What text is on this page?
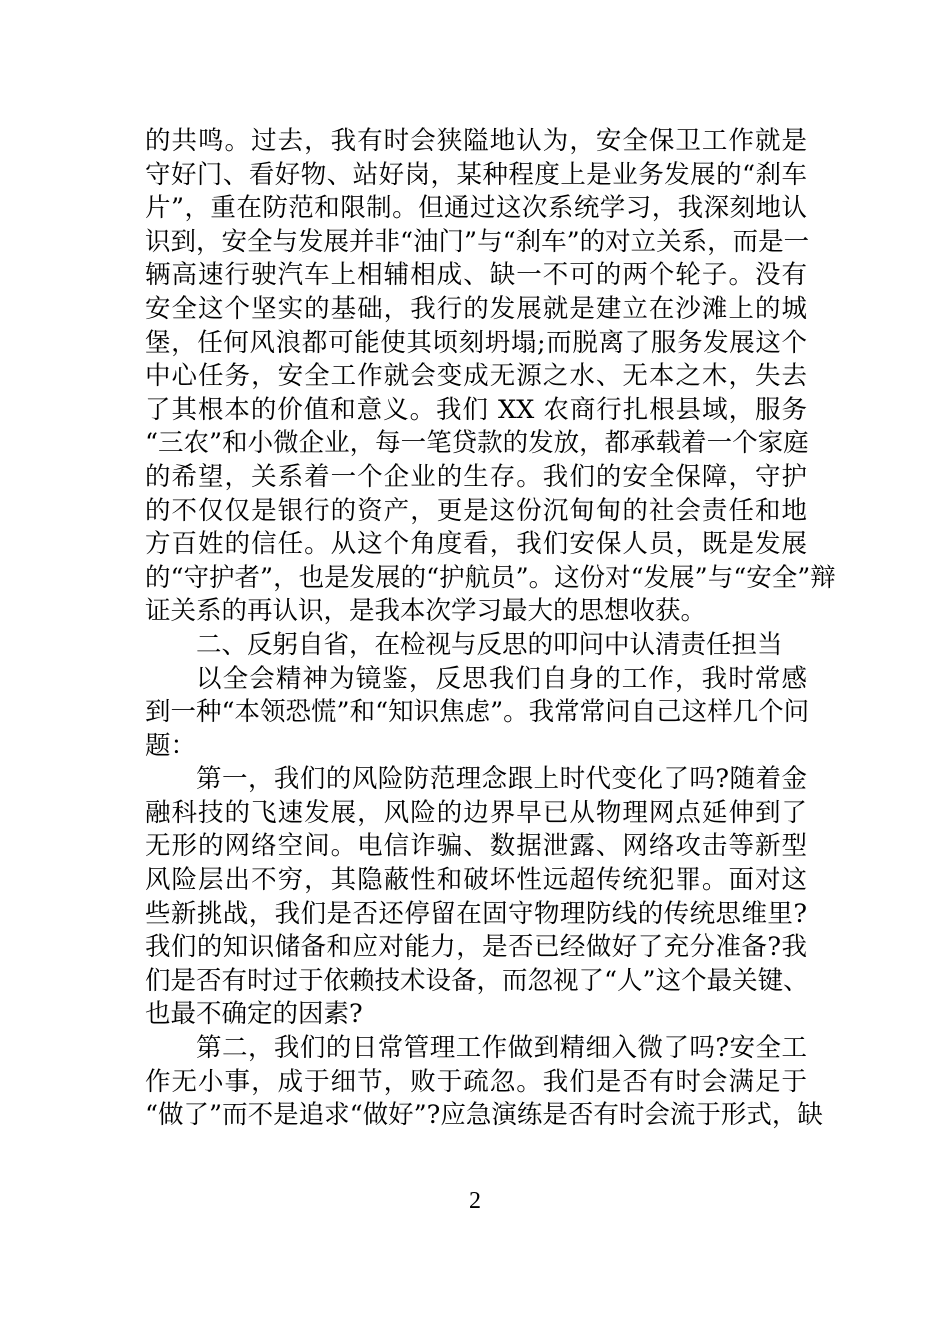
的共鸣。过去，我有时会狭隘地认为，安全保卫工作就是
守好门、看好物、站好岗，某种程度上是业务发展的“刹车
片”，重在防范和限制。但通过这次系统学习，我深刻地认
识到，安全与发展并非“油门”与“刹车”的对立关系，而是一
辆高速行驶汽车上相辅相成、缺一不可的两个轮子。没有
安全这个坚实的基础，我行的发展就是建立在沙滩上的城
堡，任何风浪都可能使其顷刻坍塌;而脱离了服务发展这个
中心任务，安全工作就会变成无源之水、无本之木，失去
了其根本的价值和意义。我们 XX 农商行扎根县域，服务
“三农”和小微企业，每一笔贷款的发放，都承载着一个家庭
的希望，关系着一个企业的生存。我们的安全保障，守护
的不仅仅是银行的资产，更是这份沉甸甸的社会责任和地
方百姓的信任。从这个角度看，我们安保人员，既是发展
的“守护者”，也是发展的“护航员”。这份对“发展”与“安全”辩
证关系的再认识，是我本次学习最大的思想收获。
二、反躬自省，在检视与反思的叩问中认清责任担当
以全会精神为镜鉴，反思我们自身的工作，我时常感
到一种“本领恐慌”和“知识焦虑”。我常常问自己这样几个问
题：
第一，我们的风险防范理念跟上时代变化了吗?随着金
融科技的飞速发展，风险的边界早已从物理网点延伸到了
无形的网络空间。电信诈骗、数据泄露、网络攻击等新型
风险层出不穷，其隐蔽性和破坏性远超传统犯罪。面对这
些新挑战，我们是否还停留在固守物理防线的传统思维里?
我们的知识储备和应对能力，是否已经做好了充分准备?我
们是否有时过于依赖技术设备，而忽视了“人”这个最关键、
也最不确定的因素?
第二，我们的日常管理工作做到精细入微了吗?安全工
作无小事，成于细节，败于疏忽。我们是否有时会满足于
“做了”而不是追求“做好”?应急演练是否有时会流于形式，缺
2
